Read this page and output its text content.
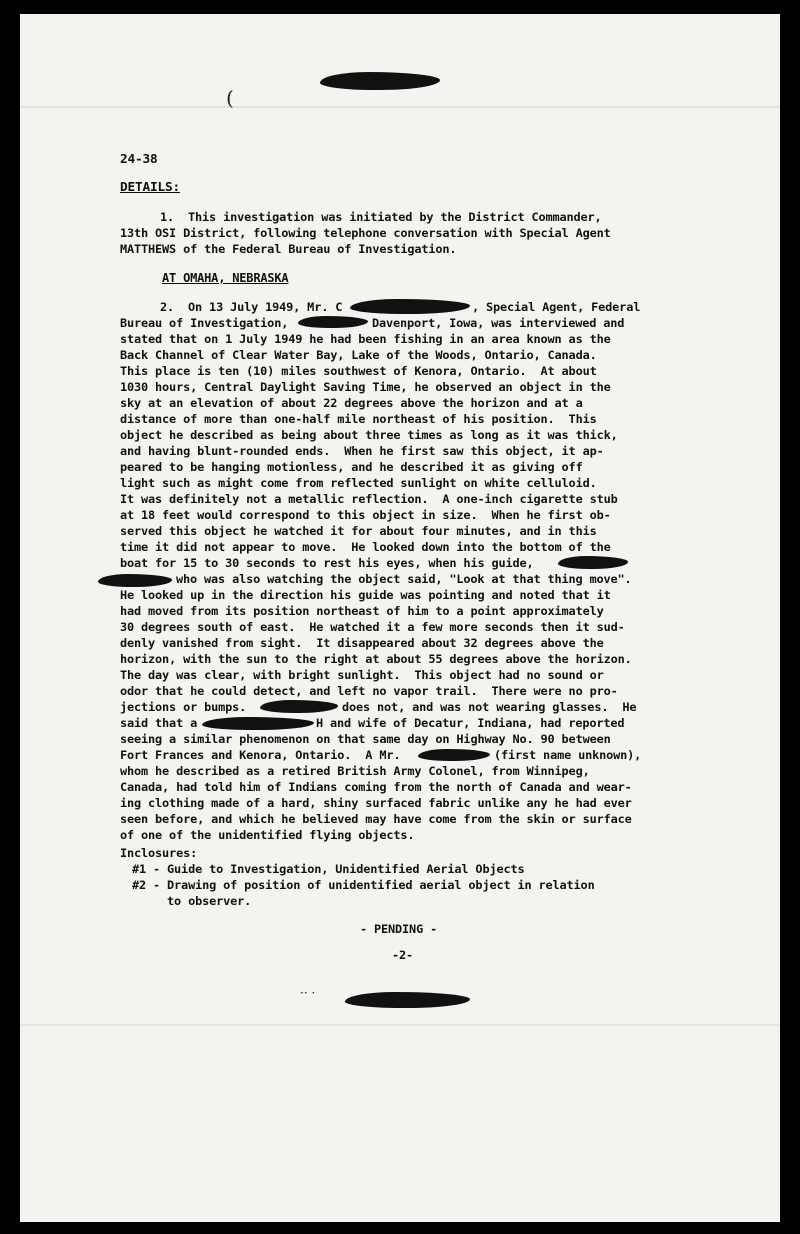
(
24-38
DETAILS:
1.  This investigation was initiated by the District Commander,
13th OSI District, following telephone conversation with Special Agent
MATTHEWS of the Federal Bureau of Investigation.
AT OMAHA, NEBRASKA
2.  On 13 July 1949, Mr. C	, Special Agent, Federal
Bureau of Investigation,	Davenport, Iowa, was interviewed and
stated that on 1 July 1949 he had been fishing in an area known as the
Back Channel of Clear Water Bay, Lake of the Woods, Ontario, Canada.
This place is ten (10) miles southwest of Kenora, Ontario.  At about
1030 hours, Central Daylight Saving Time, he observed an object in the
sky at an elevation of about 22 degrees above the horizon and at a
distance of more than one-half mile northeast of his position.  This
object he described as being about three times as long as it was thick,
and having blunt-rounded ends.  When he first saw this object, it ap-
peared to be hanging motionless, and he described it as giving off
light such as might come from reflected sunlight on white celluloid.
It was definitely not a metallic reflection.  A one-inch cigarette stub
at 18 feet would correspond to this object in size.  When he first ob-
served this object he watched it for about four minutes, and in this
time it did not appear to move.  He looked down into the bottom of the
boat for 15 to 30 seconds to rest his eyes, when his guide,
who was also watching the object said, "Look at that thing move".
He looked up in the direction his guide was pointing and noted that it
had moved from its position northeast of him to a point approximately
30 degrees south of east.  He watched it a few more seconds then it sud-
denly vanished from sight.  It disappeared about 32 degrees above the
horizon, with the sun to the right at about 55 degrees above the horizon.
The day was clear, with bright sunlight.  This object had no sound or
odor that he could detect, and left no vapor trail.  There were no pro-
jections or bumps.	does not, and was not wearing glasses.  He
said that a	H and wife of Decatur, Indiana, had reported
seeing a similar phenomenon on that same day on Highway No. 90 between
Fort Frances and Kenora, Ontario.  A Mr.	(first name unknown),
whom he described as a retired British Army Colonel, from Winnipeg,
Canada, had told him of Indians coming from the north of Canada and wear-
ing clothing made of a hard, shiny surfaced fabric unlike any he had ever
seen before, and which he believed may have come from the skin or surface
of one of the unidentified flying objects.
Inclosures:
#1 - Guide to Investigation, Unidentified Aerial Objects
#2 - Drawing of position of unidentified aerial object in relation
to observer.
- PENDING -
-2-
·· ·
